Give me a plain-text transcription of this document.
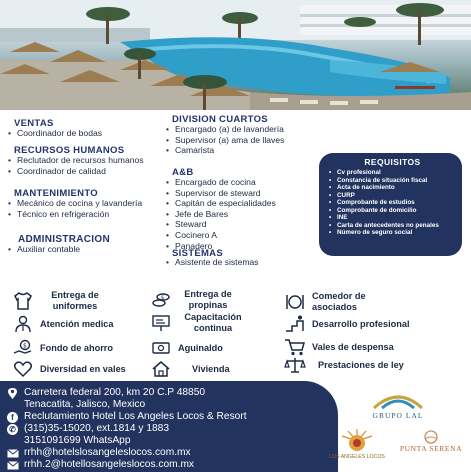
VENTAS
• Coordinador de bodas
RECURSOS HUMANOS
• Reclutador de recursos humanos
• Coordinador de calidad
MANTENIMIENTO
• Mecánico de cocina y lavandería
• Técnico en refrigeración
ADMINISTRACION
• Auxiliar contable
DIVISION CUARTOS
• Encargado (a) de lavandería
• Supervisor (a) ama de llaves
• Camarista
A&B
• Encargado de cocina
• Supervisor de steward
• Capitán de especialidades
• Jefe de Bares
• Steward
• Cocinero A
• Panadero
SISTEMAS
• Asistente de sistemas
REQUISITOS
• Cv profesional
• Constancia de situación fiscal
• Acta de nacimiento
• CURP
• Comprobante de estudios
• Comprobante de domicilio
• INE
• Carta de antecedentes no penales
• Número de seguro social
Entrega de uniformes
$	Entrega de propinas
Comedor de asociados
Atención medica
Capacitación continua	Desarrollo profesional
$ Fondo de ahorro	Aguinaldo	Vales de despensa
Diversidad en vales	Vivienda	Prestaciones de ley
Carretera federal 200, km 20 C.P 48850
Tenacatita, Jalisco, Mexico
f Reclutamiento Hotel Los Angeles Locos & Resort
✆ (315)35-15020, ext.1814 y 1883
3151091699 WhatsApp
rrhh@hotelslosangeleslocos.com.mx
rrhh.2@hotellosangeleslocos.com.mx
GRUPO LAL
LOS ANGELES LOCOS
PUNTA SERENA
